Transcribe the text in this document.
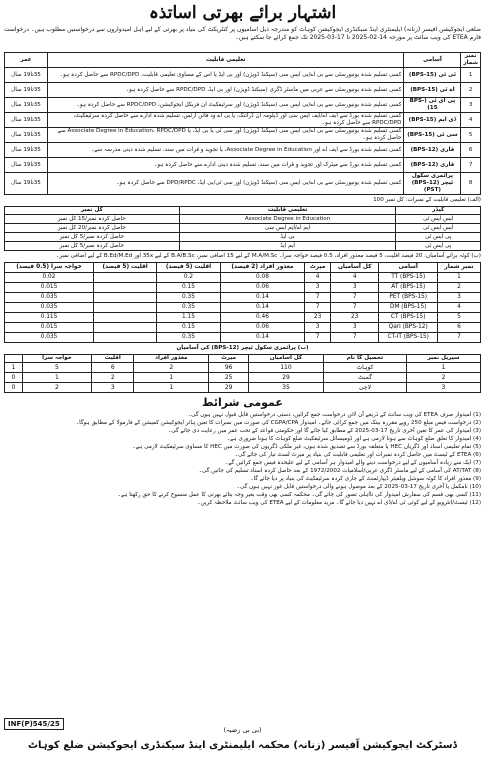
اشتہار برائے بھرتی اساتذہ
ضلعی ایجوکیشن آفیسر (زنانہ) ایلیمنٹری اینڈ سیکنڈری ایجوکیشن کوہاٹ کو مندرجہ ذیل آسامیوں پر کنٹریکٹ کی بنیاد پر بھرتی کے لیے اہل امیدواروں سے درخواستیں مطلوب ہیں۔ درخواست فارم ETEA کی ویب سائٹ پر مورخہ 14-02-2025 تا 17-03-2025 تک جمع کرائے جا سکتے ہیں۔
نمبر شمار	آسامی	تعلیمی قابلیت	عمر
1	ٹی ٹی (BPS-15)	کسی تسلیم شدہ یونیورسٹی سے بی اے/بی ایس سی (سیکنڈ ڈویژن) اور بی ایڈ یا اس کے مساوی تعلیمی قابلیت، RPDC/DPD سے حاصل کردہ ہو۔	35تا19 سال
2	اے ٹی (BPS-15)	کسی تسلیم شدہ یونیورسٹی سے عربی میں ماسٹر ڈگری (سیکنڈ ڈویژن) اور بی ایڈ، RPDC/DPD سے حاصل کردہ ہو۔	35تا19 سال
3	پی ای ٹی (BPS-15)	کسی تسلیم شدہ یونیورسٹی سے بی اے/بی ایس سی (سیکنڈ ڈویژن) اور سرٹیفکیٹ ان فزیکل ایجوکیشن، RPDC/DPD سے حاصل کردہ ہو۔	35تا19 سال
4	ڈی ایم (BPS-15)	کسی تسلیم شدہ بورڈ سے ایف اے/ایف ایس سی اور ڈپلومہ ان ڈرائنگ، یا بی اے ود فائن آرٹس، تسلیم شدہ ادارے سے حاصل کردہ سرٹیفکیٹ، RPDC/DPD سے حاصل کردہ ہو۔	35تا19 سال
5	سی ٹی (BPS-15)	کسی تسلیم شدہ یونیورسٹی سے بی اے/بی ایس سی (سیکنڈ ڈویژن) اور سی ٹی یا بی ایڈ، یا Associate Degree in Education، RPDC/DPD سے حاصل کردہ ہو۔	35تا19 سال
6	قاری (BPS-12)	کسی تسلیم شدہ بورڈ سے ایف اے اور Associate Degree in Education، یا تجوید و قرات میں سند، تسلیم شدہ دینی مدرسہ سے۔	35تا19 سال
7	قاری (BPS-12)	کسی تسلیم شدہ بورڈ سے میٹرک اور تجوید و قرات میں سند، تسلیم شدہ دینی ادارے سے حاصل کردہ ہو۔	35تا19 سال
8	پرائمری سکول ٹیچر (BPS-12)(PST)	کسی تسلیم شدہ یونیورسٹی سے بی اے/بی ایس سی (سیکنڈ ڈویژن) اور سی ٹی/بی ایڈ، DPD/RPDC سے حاصل کردہ ہو۔	35تا19 سال
(الف) تعلیمی قابلیت کے نمبرات: کل نمبر 100
کیڈر	تعلیمی قابلیت	کل نمبر
ایس ایس ٹی	Associate Degree in Education	حاصل کردہ نمبر/15 کل نمبر
ایس ایس ٹی	ایم اے/ایم ایس سی	حاصل کردہ نمبر/20 کل نمبر
پی ایس ٹی	بی ایڈ	حاصل کردہ نمبر/5 کل نمبر
پی ایس ٹی	ایم ایڈ	حاصل کردہ نمبر/5 کل نمبر
(ب) کوٹہ برائے آسامیاں: 20 فیصد اقلیت، 5 فیصد معذور افراد، 0.5 فیصد خواجہ سرا۔ M.A/M.Sc کے لیے 15 اضافی نمبر، B.A/B.Sc کے لیے 35x اور B.Ed/M.Ed کے لیے اضافی نمبر۔
نمبر شمار	آسامی	کل آسامیاں	میرٹ	معذور افراد (2 فیصد)	اقلیت (5 فیصد)	اقلیت (5 فیصد)	خواجہ سرا (0.5 فیصد)
1	TT (BPS-15)	4	4	0.08	0.2		0.02
2	AT (BPS-15)	3	3	0.06	0.15		0.015
3	PET (BPS-15)	7	7	0.14	0.35		0.035
4	DM (BPS-15)	7	7	0.14	0.35		0.035
5	CT (BPS-15)	23	23	0.46	1.15		0.115
6	Qari (BPS-12)	3	3	0.06	0.15		0.015
7	CT-IT (BPS-15)	7	7	0.14	0.35		0.035
(ب) پرائمری سکول ٹیچر (BPS-12) کی آسامیاں
سیریل نمبر	تحصیل کا نام	کل آسامیاں	میرٹ	معذور افراد	اقلیت	خواجہ سرا	
1	کوہاٹ	110	96	2	6	5	1
2	گمبٹ	29	25	1	2	1	0
3	لاچی	35	29	1	3	2	0
عمومی شرائط

(1) امیدوار صرف ETEA کی ویب سائٹ کے ذریعے آن لائن درخواست جمع کرائیں، دستی درخواستیں قابل قبول نہیں ہوں گی۔

(2) درخواست فیس مبلغ 250 روپے مقررہ بینک میں جمع کرائی جائے۔ امیدوار CGPA/CPA کی صورت میں نمبرات کا تعین ہائر ایجوکیشن کمیشن کے فارمولا کے مطابق ہوگا۔

(3) امیدوار کی عمر کا تعین آخری تاریخ 17-03-2025 کے مطابق کیا جائے گا اور حکومتی قواعد کے تحت عمر میں رعایت دی جائے گی۔

(4) امیدوار کا تعلق ضلع کوہاٹ سے ہونا لازمی ہے اور ڈومیسائل سرٹیفکیٹ ضلع کوہاٹ کا ہونا ضروری ہے۔

(5) تمام تعلیمی اسناد اور ڈگریاں HEC یا متعلقہ بورڈ سے تصدیق شدہ ہوں، غیر ملکی ڈگریوں کی صورت میں HEC کا مساوی سرٹیفکیٹ لازمی ہے۔

(6) ETEA کے ٹیسٹ میں حاصل کردہ نمبرات اور تعلیمی قابلیت کی بنیاد پر میرٹ لسٹ تیار کی جائے گی۔

(7) ایک سے زیادہ آسامیوں کے لیے درخواست دینے والے امیدوار ہر آسامی کے لیے علیحدہ فیس جمع کرائیں گے۔

(8) AT/TAT کی آسامی کے لیے ماسٹر ڈگری عربی/اسلامیات 1972/2002 کے بعد حاصل کردہ اسناد تسلیم کی جائیں گی۔

(9) معذور افراد کا کوٹہ سوشل ویلفیئر ڈیپارٹمنٹ کے جاری کردہ سرٹیفکیٹ کی بنیاد پر دیا جائے گا۔

(10) نامکمل یا آخری تاریخ 17-03-2025 کے بعد موصول ہونے والی درخواستیں قابل غور نہیں ہوں گی۔

(11) کسی بھی قسم کی سفارش امیدوار کی نااہلی تصور کی جائے گی۔ محکمہ کسی بھی وقت بغیر وجہ بتائے بھرتی کا عمل منسوخ کرنے کا حق رکھتا ہے۔

(12) ٹیسٹ/انٹرویو کے لیے کوئی ٹی اے/ڈی اے نہیں دیا جائے گا۔ مزید معلومات کے لیے ETEA کی ویب سائٹ ملاحظہ کریں۔

INF(P)545/25
(بی بی رضیہ)
ڈسٹرکٹ ایجوکیشن آفیسر (زنانہ) محکمہ ایلیمنٹری اینڈ سیکنڈری ایجوکیشن ضلع کوہاٹ
